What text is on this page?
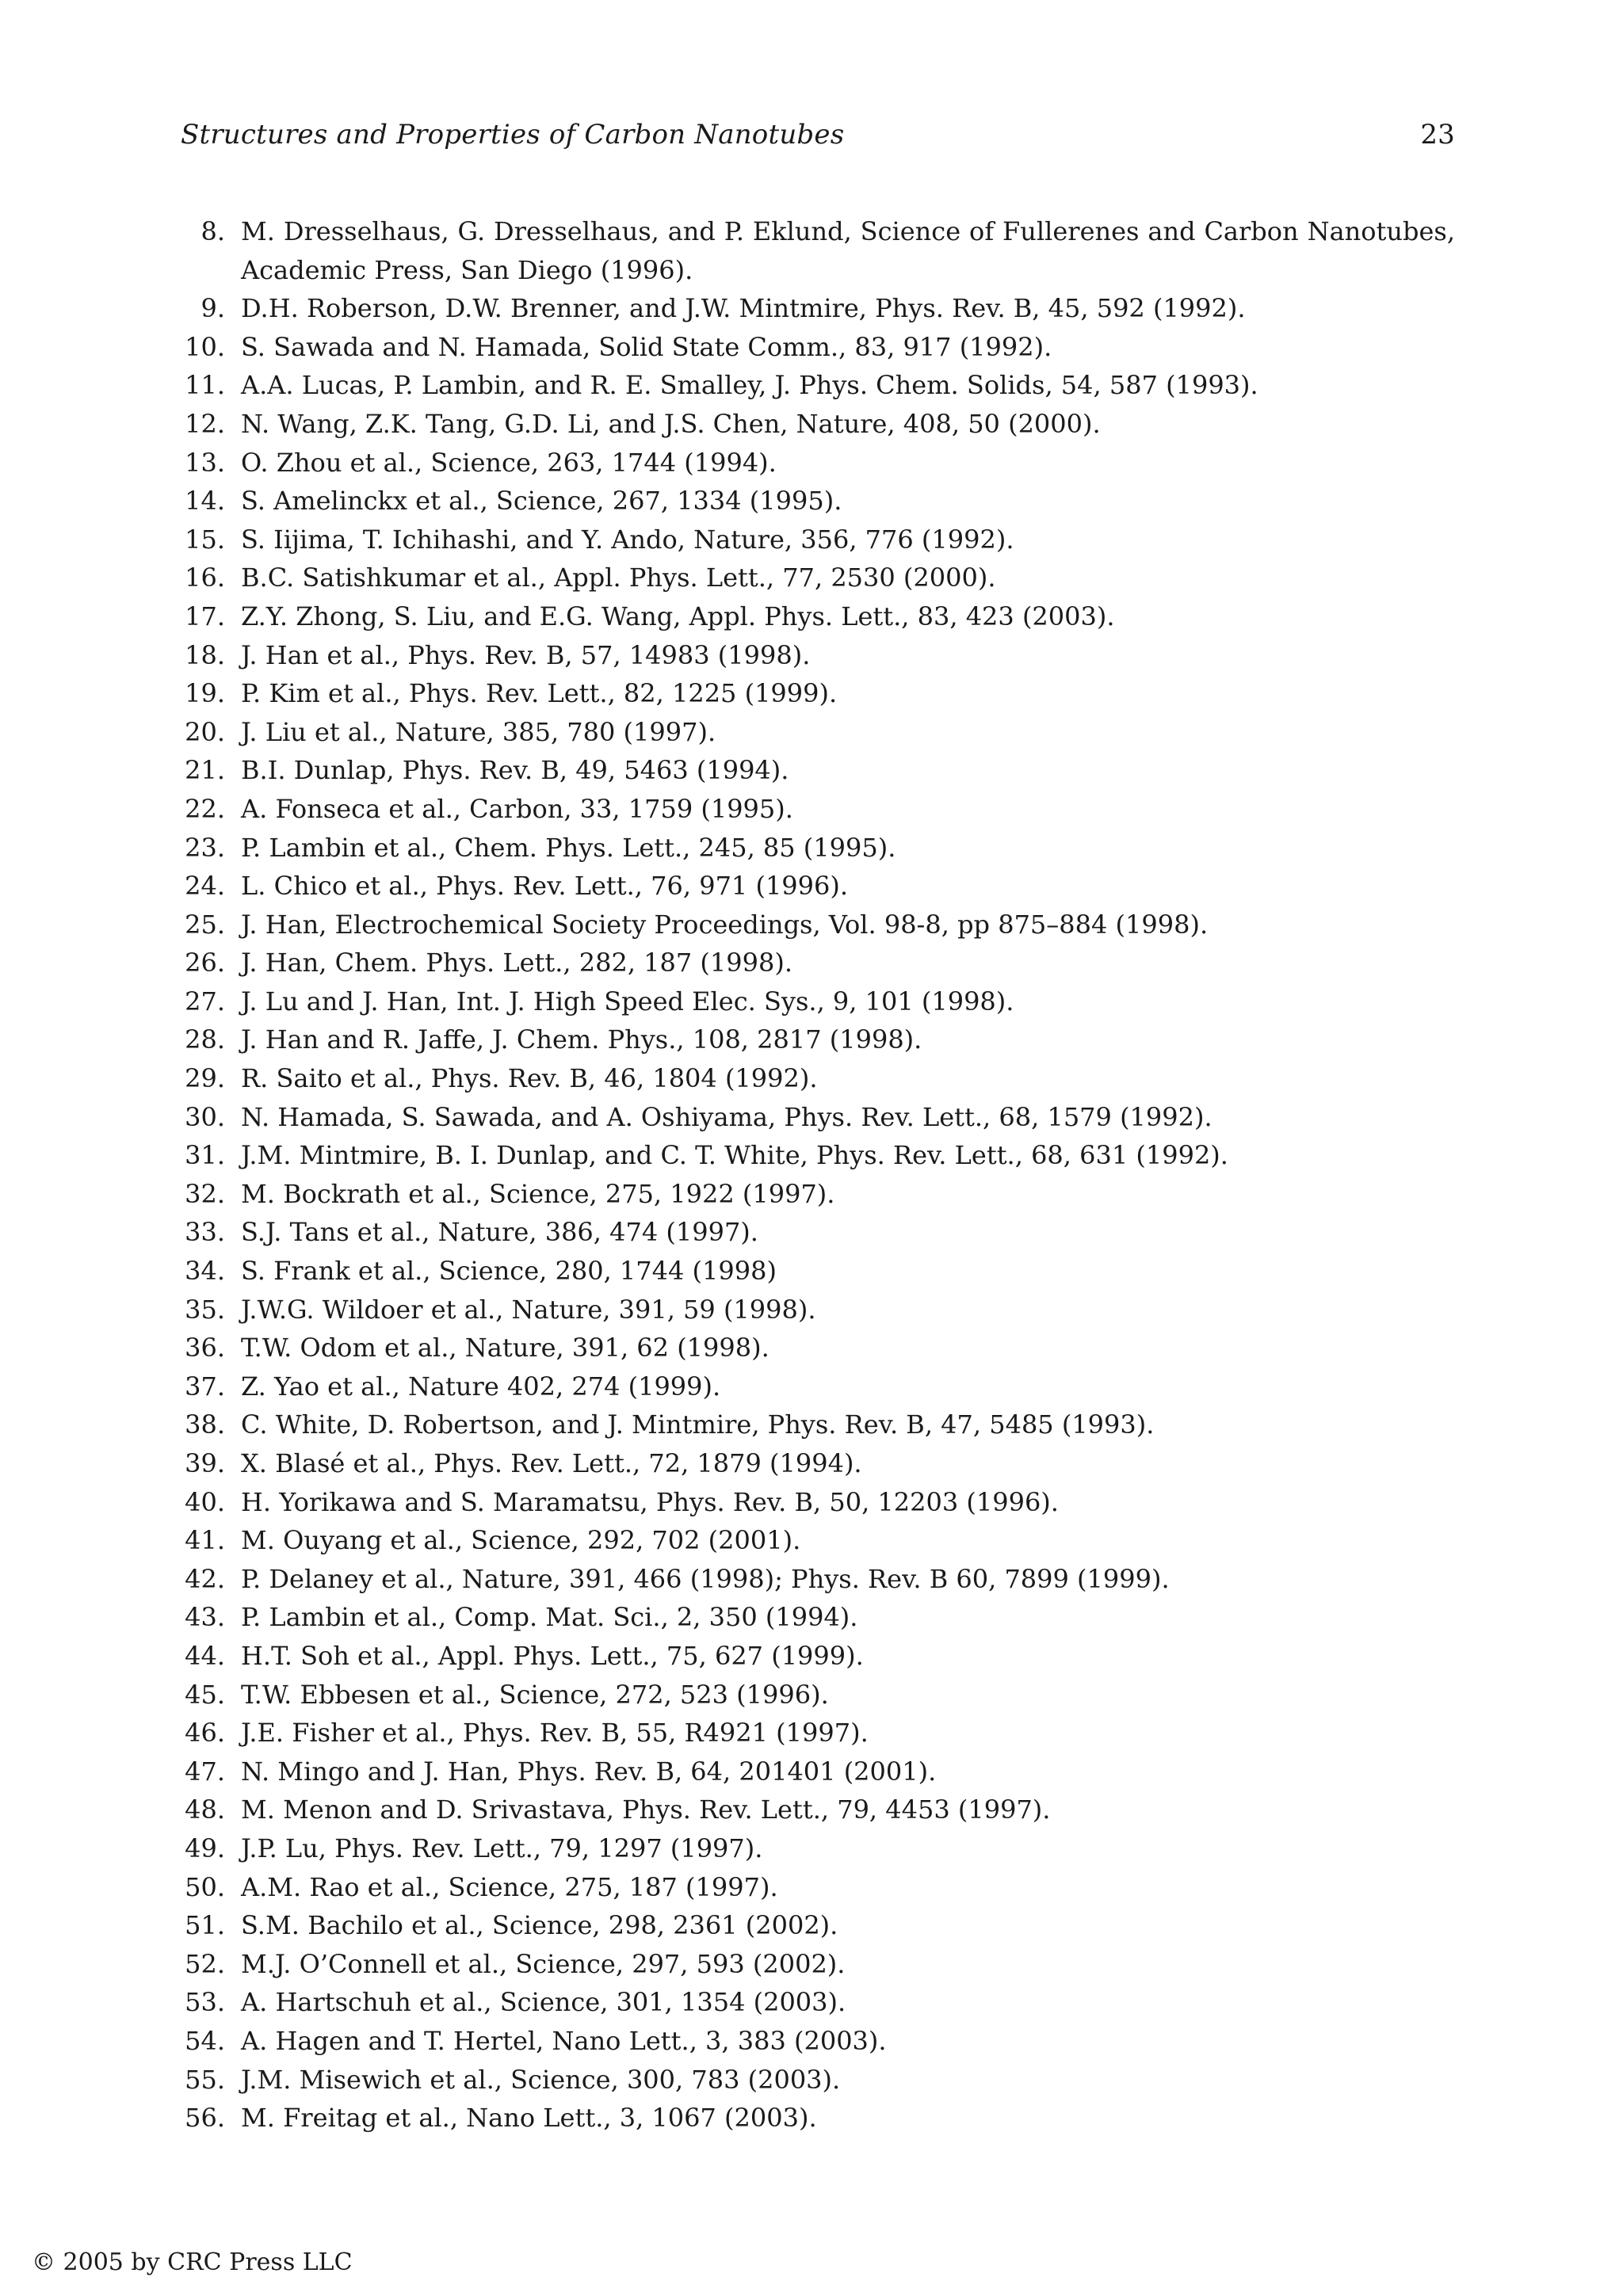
Structures and Properties of Carbon Nanotubes	23
8. M. Dresselhaus, G. Dresselhaus, and P. Eklund, Science of Fullerenes and Carbon Nanotubes, Academic Press, San Diego (1996).
9. D.H. Roberson, D.W. Brenner, and J.W. Mintmire, Phys. Rev. B, 45, 592 (1992).
10. S. Sawada and N. Hamada, Solid State Comm., 83, 917 (1992).
11. A.A. Lucas, P. Lambin, and R. E. Smalley, J. Phys. Chem. Solids, 54, 587 (1993).
12. N. Wang, Z.K. Tang, G.D. Li, and J.S. Chen, Nature, 408, 50 (2000).
13. O. Zhou et al., Science, 263, 1744 (1994).
14. S. Amelinckx et al., Science, 267, 1334 (1995).
15. S. Iijima, T. Ichihashi, and Y. Ando, Nature, 356, 776 (1992).
16. B.C. Satishkumar et al., Appl. Phys. Lett., 77, 2530 (2000).
17. Z.Y. Zhong, S. Liu, and E.G. Wang, Appl. Phys. Lett., 83, 423 (2003).
18. J. Han et al., Phys. Rev. B, 57, 14983 (1998).
19. P. Kim et al., Phys. Rev. Lett., 82, 1225 (1999).
20. J. Liu et al., Nature, 385, 780 (1997).
21. B.I. Dunlap, Phys. Rev. B, 49, 5463 (1994).
22. A. Fonseca et al., Carbon, 33, 1759 (1995).
23. P. Lambin et al., Chem. Phys. Lett., 245, 85 (1995).
24. L. Chico et al., Phys. Rev. Lett., 76, 971 (1996).
25. J. Han, Electrochemical Society Proceedings, Vol. 98-8, pp 875–884 (1998).
26. J. Han, Chem. Phys. Lett., 282, 187 (1998).
27. J. Lu and J. Han, Int. J. High Speed Elec. Sys., 9, 101 (1998).
28. J. Han and R. Jaffe, J. Chem. Phys., 108, 2817 (1998).
29. R. Saito et al., Phys. Rev. B, 46, 1804 (1992).
30. N. Hamada, S. Sawada, and A. Oshiyama, Phys. Rev. Lett., 68, 1579 (1992).
31. J.M. Mintmire, B. I. Dunlap, and C. T. White, Phys. Rev. Lett., 68, 631 (1992).
32. M. Bockrath et al., Science, 275, 1922 (1997).
33. S.J. Tans et al., Nature, 386, 474 (1997).
34. S. Frank et al., Science, 280, 1744 (1998)
35. J.W.G. Wildoer et al., Nature, 391, 59 (1998).
36. T.W. Odom et al., Nature, 391, 62 (1998).
37. Z. Yao et al., Nature 402, 274 (1999).
38. C. White, D. Robertson, and J. Mintmire, Phys. Rev. B, 47, 5485 (1993).
39. X. Blasé et al., Phys. Rev. Lett., 72, 1879 (1994).
40. H. Yorikawa and S. Maramatsu, Phys. Rev. B, 50, 12203 (1996).
41. M. Ouyang et al., Science, 292, 702 (2001).
42. P. Delaney et al., Nature, 391, 466 (1998); Phys. Rev. B 60, 7899 (1999).
43. P. Lambin et al., Comp. Mat. Sci., 2, 350 (1994).
44. H.T. Soh et al., Appl. Phys. Lett., 75, 627 (1999).
45. T.W. Ebbesen et al., Science, 272, 523 (1996).
46. J.E. Fisher et al., Phys. Rev. B, 55, R4921 (1997).
47. N. Mingo and J. Han, Phys. Rev. B, 64, 201401 (2001).
48. M. Menon and D. Srivastava, Phys. Rev. Lett., 79, 4453 (1997).
49. J.P. Lu, Phys. Rev. Lett., 79, 1297 (1997).
50. A.M. Rao et al., Science, 275, 187 (1997).
51. S.M. Bachilo et al., Science, 298, 2361 (2002).
52. M.J. O’Connell et al., Science, 297, 593 (2002).
53. A. Hartschuh et al., Science, 301, 1354 (2003).
54. A. Hagen and T. Hertel, Nano Lett., 3, 383 (2003).
55. J.M. Misewich et al., Science, 300, 783 (2003).
56. M. Freitag et al., Nano Lett., 3, 1067 (2003).
© 2005 by CRC Press LLC
